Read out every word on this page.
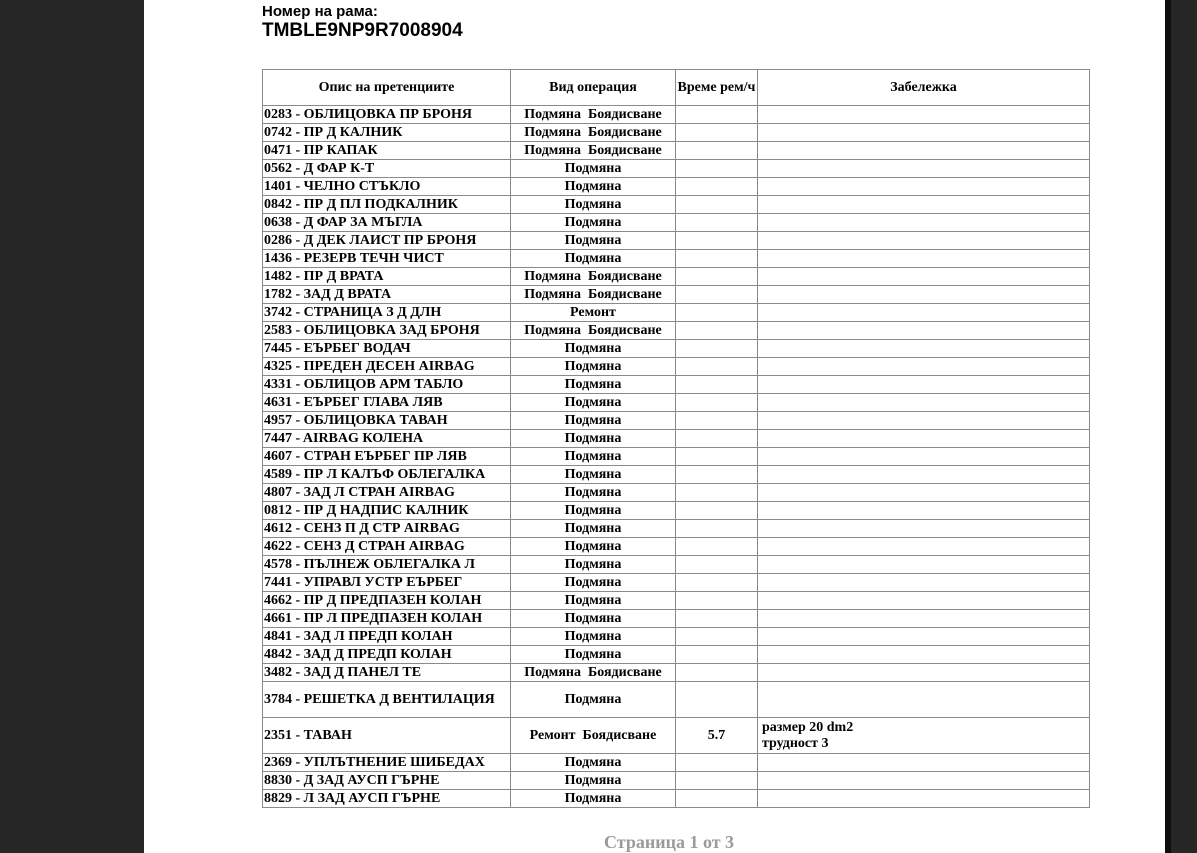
Номер на рама:
TMBLE9NP9R7008904
Опис на претенциите	Вид операция	Време рем/ч	Забележка
0283 - ОБЛИЦОВКА ПР БРОНЯ	Подмяна  Боядисване		
0742 - ПР Д КАЛНИК	Подмяна  Боядисване		
0471 - ПР КАПАК	Подмяна  Боядисване		
0562 - Д ФАР К-Т	Подмяна		
1401 - ЧЕЛНО СТЪКЛО	Подмяна		
0842 - ПР Д ПЛ ПОДКАЛНИК	Подмяна		
0638 - Д ФАР ЗА МЪГЛА	Подмяна		
0286 - Д ДЕК ЛАИСТ ПР БРОНЯ	Подмяна		
1436 - РЕЗЕРВ ТЕЧН ЧИСТ	Подмяна		
1482 - ПР Д ВРАТА	Подмяна  Боядисване		
1782 - ЗАД Д ВРАТА	Подмяна  Боядисване		
3742 - СТРАНИЦА З Д ДЛН	Ремонт		
2583 - ОБЛИЦОВКА ЗАД БРОНЯ	Подмяна  Боядисване		
7445 - ЕЪРБЕГ ВОДАЧ	Подмяна		
4325 - ПРЕДЕН ДЕСЕН AIRBAG	Подмяна		
4331 - ОБЛИЦОВ АРМ ТАБЛО	Подмяна		
4631 - ЕЪРБЕГ ГЛАВА ЛЯВ	Подмяна		
4957 - ОБЛИЦОВКА ТАВАН	Подмяна		
7447 - AIRBAG КОЛЕНА	Подмяна		
4607 - СТРАН ЕЪРБЕГ ПР ЛЯВ	Подмяна		
4589 - ПР Л КАЛЪФ ОБЛЕГАЛКА	Подмяна		
4807 - ЗАД Л СТРАН AIRBAG	Подмяна		
0812 - ПР Д НАДПИС КАЛНИК	Подмяна		
4612 - СЕНЗ П Д СТР AIRBAG	Подмяна		
4622 - СЕНЗ Д СТРАН AIRBAG	Подмяна		
4578 - ПЪЛНЕЖ ОБЛЕГАЛКА Л	Подмяна		
7441 - УПРАВЛ УСТР ЕЪРБЕГ	Подмяна		
4662 - ПР Д ПРЕДПАЗЕН КОЛАН	Подмяна		
4661 - ПР Л ПРЕДПАЗЕН КОЛАН	Подмяна		
4841 - ЗАД Л ПРЕДП КОЛАН	Подмяна		
4842 - ЗАД Д ПРЕДП КОЛАН	Подмяна		
3482 - ЗАД Д ПАНЕЛ ТЕ	Подмяна  Боядисване		
3784 - РЕШЕТКА Д ВЕНТИЛАЦИЯ	Подмяна		
2351 - ТАВАН	Ремонт  Боядисване	5.7	размер 20 dm2
трудност 3

2369 - УПЛЪТНЕНИЕ ШИБЕДАХ	Подмяна		
8830 - Д ЗАД АУСП ГЪРНЕ	Подмяна		
8829 - Л ЗАД АУСП ГЪРНЕ	Подмяна		
Страница 1 от 3
